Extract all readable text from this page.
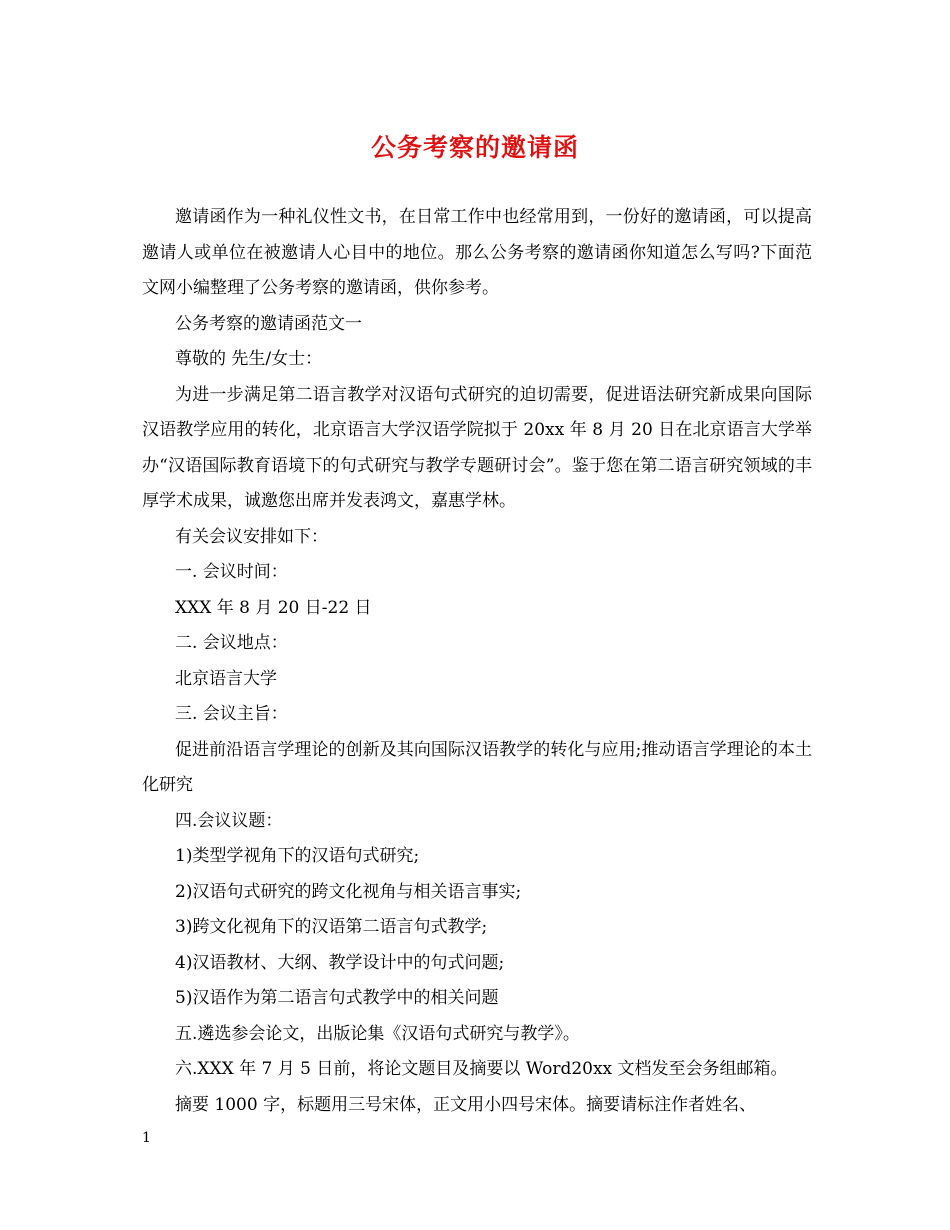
公务考察的邀请函

邀请函作为一种礼仪性文书，在日常工作中也经常用到，一份好的邀请函，可以提高邀请人或单位在被邀请人心目中的地位。那么公务考察的邀请函你知道怎么写吗?下面范文网小编整理了公务考察的邀请函，供你参考。

公务考察的邀请函范文一

尊敬的 先生/女士：

为进一步满足第二语言教学对汉语句式研究的迫切需要，促进语法研究新成果向国际汉语教学应用的转化，北京语言大学汉语学院拟于 20xx 年 8 月 20 日在北京语言大学举办“汉语国际教育语境下的句式研究与教学专题研讨会”。鉴于您在第二语言研究领域的丰厚学术成果，诚邀您出席并发表鸿文，嘉惠学林。

有关会议安排如下：

一. 会议时间：

XXX 年 8 月 20 日-22 日

二. 会议地点：

北京语言大学

三. 会议主旨：

促进前沿语言学理论的创新及其向国际汉语教学的转化与应用;推动语言学理论的本土化研究

四.会议议题：

1)类型学视角下的汉语句式研究;

2)汉语句式研究的跨文化视角与相关语言事实;

3)跨文化视角下的汉语第二语言句式教学;

4)汉语教材、大纲、教学设计中的句式问题;

5)汉语作为第二语言句式教学中的相关问题

五.遴选参会论文，出版论集《汉语句式研究与教学》。

六.XXX 年 7 月 5 日前，将论文题目及摘要以 Word20xx 文档发至会务组邮箱。

摘要 1000 字，标题用三号宋体，正文用小四号宋体。摘要请标注作者姓名、

1
